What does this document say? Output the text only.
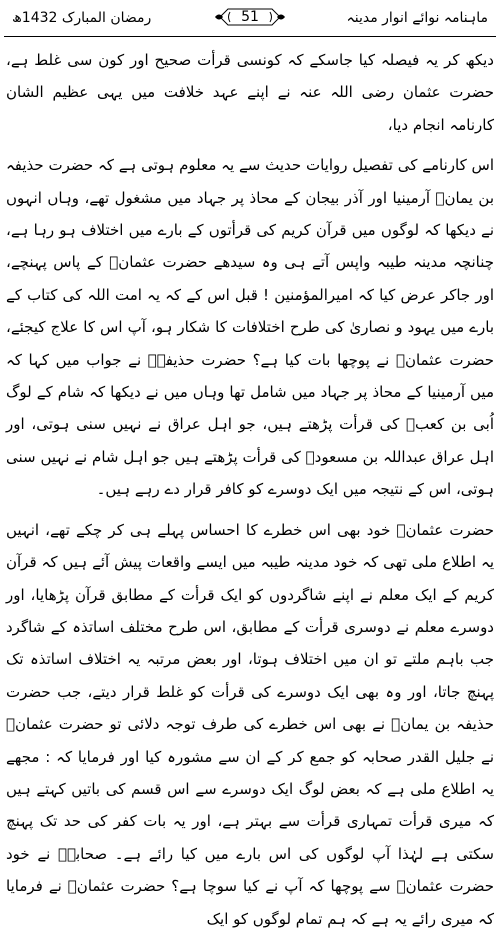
رمضان المبارک 1432ھ	51	ماہنامہ نوائے انوار مدینہ

دیکھ کر یہ فیصلہ کیا جاسکے کہ کونسی قرأت صحیح اور کون سی غلط ہے، حضرت عثمان رضی اللہ عنہ نے اپنے عہد خلافت میں یہی عظیم الشان کارنامہ انجام دیا،

اس کارنامے کی تفصیل روایات حدیث سے یہ معلوم ہوتی ہے کہ حضرت حذیفہ بن یمانؓ آرمینیا اور آذر بیجان کے محاذ پر جہاد میں مشغول تھے، وہاں انہوں نے دیکھا کہ لوگوں میں قرآن کریم کی قرأتوں کے بارے میں اختلاف ہو رہا ہے، چنانچہ مدینہ طیبہ واپس آتے ہی وہ سیدھے حضرت عثمانؓ کے پاس پہنچے، اور جاکر عرض کیا کہ امیرالمؤمنین ! قبل اس کے کہ یہ امت اللہ کی کتاب کے بارے میں یہود و نصاریٰ کی طرح اختلافات کا شکار ہو، آپ اس کا علاج کیجئے، حضرت عثمانؓ نے پوچھا بات کیا ہے؟ حضرت حذیفہؓ نے جواب میں کہا کہ میں آرمینیا کے محاذ پر جہاد میں شامل تھا وہاں میں نے دیکھا کہ شام کے لوگ اُبی بن کعبؓ کی قرأت پڑھتے ہیں، جو اہل عراق نے نہیں سنی ہوتی، اور اہل عراق عبداللہ بن مسعودؓ کی قرأت پڑھتے ہیں جو اہل شام نے نہیں سنی ہوتی، اس کے نتیجہ میں ایک دوسرے کو کافر قرار دے رہے ہیں۔

حضرت عثمانؓ خود بھی اس خطرے کا احساس پہلے ہی کر چکے تھے، انہیں یہ اطلاع ملی تھی کہ خود مدینہ طیبہ میں ایسے واقعات پیش آئے ہیں کہ قرآن کریم کے ایک معلم نے اپنے شاگردوں کو ایک قرأت کے مطابق قرآن پڑھایا، اور دوسرے معلم نے دوسری قرأت کے مطابق، اس طرح مختلف اساتذہ کے شاگرد جب باہم ملتے تو ان میں اختلاف ہوتا، اور بعض مرتبہ یہ اختلاف اساتذہ تک پہنچ جاتا، اور وہ بھی ایک دوسرے کی قرأت کو غلط قرار دیتے، جب حضرت حذیفہ بن یمانؓ نے بھی اس خطرے کی طرف توجہ دلائی تو حضرت عثمانؓ نے جلیل القدر صحابہ کو جمع کر کے ان سے مشورہ کیا اور فرمایا کہ : مجھے یہ اطلاع ملی ہے کہ بعض لوگ ایک دوسرے سے اس قسم کی باتیں کہتے ہیں کہ میری قرأت تمہاری قرأت سے بہتر ہے، اور یہ بات کفر کی حد تک پہنچ سکتی ہے لہٰذا آپ لوگوں کی اس بارے میں کیا رائے ہے۔ صحابہؓ نے خود حضرت عثمانؓ سے پوچھا کہ آپ نے کیا سوچا ہے؟ حضرت عثمانؓ نے فرمایا کہ میری رائے یہ ہے کہ ہم تمام لوگوں کو ایک
